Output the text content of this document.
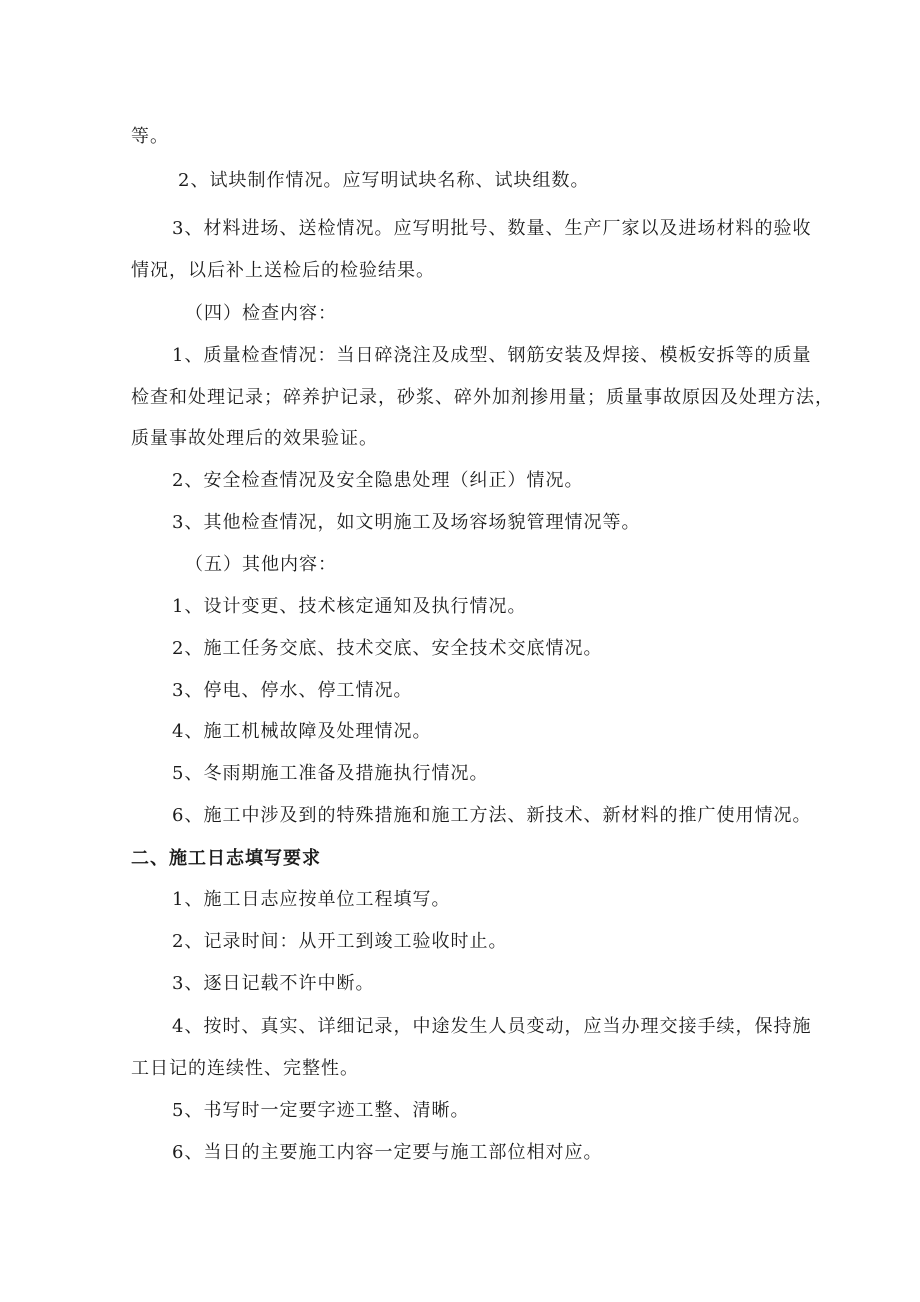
等。
2、试块制作情况。应写明试块名称、试块组数。
3、材料进场、送检情况。应写明批号、数量、生产厂家以及进场材料的验收
情况，以后补上送检后的检验结果。
（四）检查内容：
1、质量检查情况：当日碎浇注及成型、钢筋安装及焊接、模板安拆等的质量
检查和处理记录；碎养护记录，砂浆、碎外加剂掺用量；质量事故原因及处理方法，
质量事故处理后的效果验证。
2、安全检查情况及安全隐患处理（纠正）情况。
3、其他检查情况，如文明施工及场容场貌管理情况等。
（五）其他内容：
1、设计变更、技术核定通知及执行情况。
2、施工任务交底、技术交底、安全技术交底情况。
3、停电、停水、停工情况。
4、施工机械故障及处理情况。
5、冬雨期施工准备及措施执行情况。
6、施工中涉及到的特殊措施和施工方法、新技术、新材料的推广使用情况。
二、施工日志填写要求
1、施工日志应按单位工程填写。
2、记录时间：从开工到竣工验收时止。
3、逐日记载不许中断。
4、按时、真实、详细记录，中途发生人员变动，应当办理交接手续，保持施
工日记的连续性、完整性。
5、书写时一定要字迹工整、清晰。
6、当日的主要施工内容一定要与施工部位相对应。
